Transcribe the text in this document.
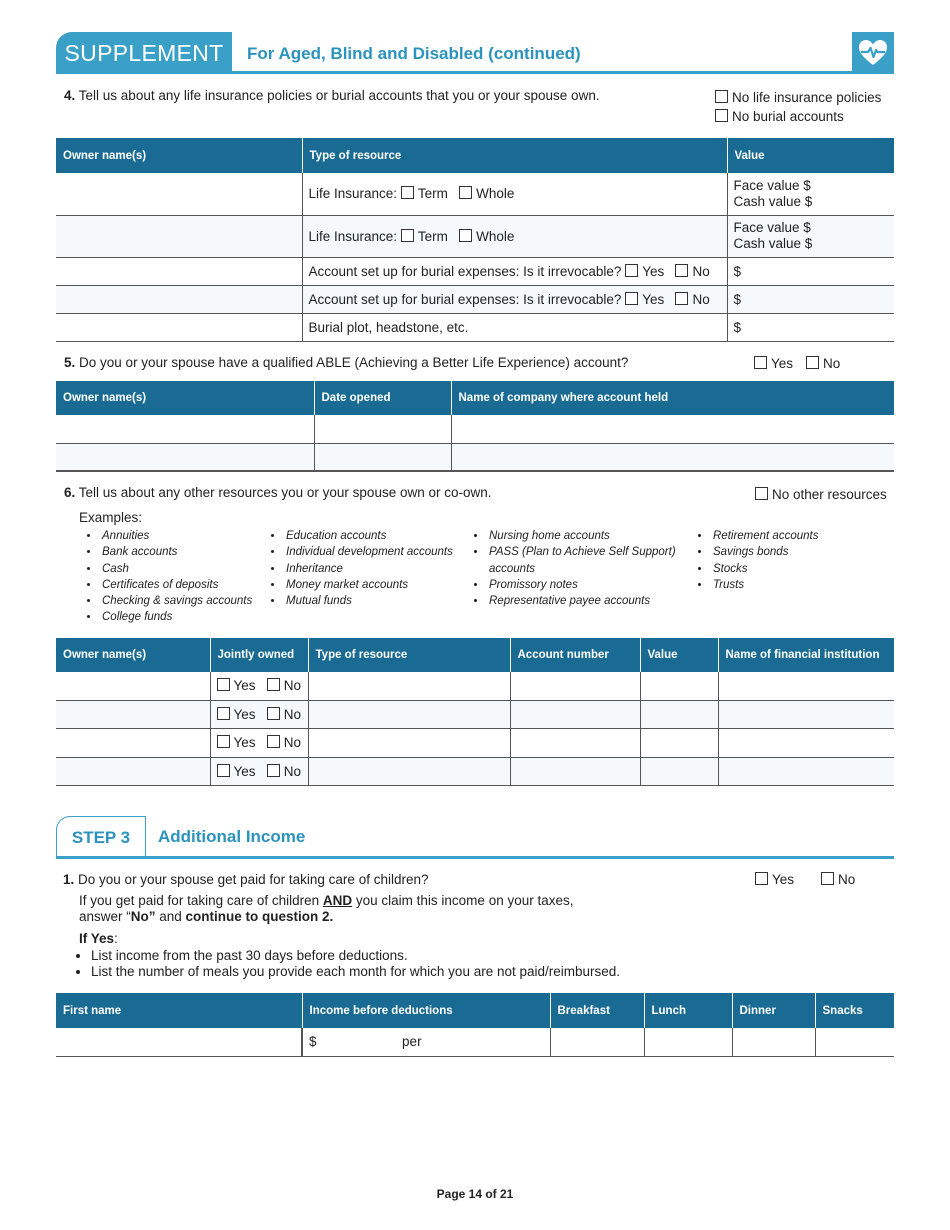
SUPPLEMENT	For Aged, Blind and Disabled (continued)
4. Tell us about any life insurance policies or burial accounts that you or your spouse own.	No life insurance policies
No burial accounts
Owner name(s)	Type of resource	Value
	Life Insurance: Term Whole	Face value $
Cash value $

	Life Insurance: Term Whole	Face value $
Cash value $

	Account set up for burial expenses: Is it irrevocable? Yes No	$
	Account set up for burial expenses: Is it irrevocable? Yes No	$
	Burial plot, headstone, etc.	$
5. Do you or your spouse have a qualified ABLE (Achieving a Better Life Experience) account?	Yes	No
Owner name(s)	Date opened	Name of company where account held

6. Tell us about any other resources you or your spouse own or co-own.	No other resources
Examples:
• Annuities
• Bank accounts
• Cash
• Certificates of deposits
• Checking & savings accounts
• College funds
• Education accounts
• Individual development accounts
• Inheritance
• Money market accounts
• Mutual funds
• Nursing home accounts
• PASS (Plan to Achieve Self Support) accounts
• Promissory notes
• Representative payee accounts
• Retirement accounts
• Savings bonds
• Stocks
• Trusts
Owner name(s)	Jointly owned	Type of resource	Account number	Value	Name of financial institution
	Yes No				
	Yes No				
	Yes No				
	Yes No				
STEP 3	Additional Income
1. Do you or your spouse get paid for taking care of children?	Yes	No
If you get paid for taking care of children AND you claim this income on your taxes,
answer “No” and continue to question 2.
If Yes:
• List income from the past 30 days before deductions.
• List the number of meals you provide each month for which you are not paid/reimbursed.
First name	Income before deductions	Breakfast	Lunch	Dinner	Snacks
	$ per				
Page 14 of 21
